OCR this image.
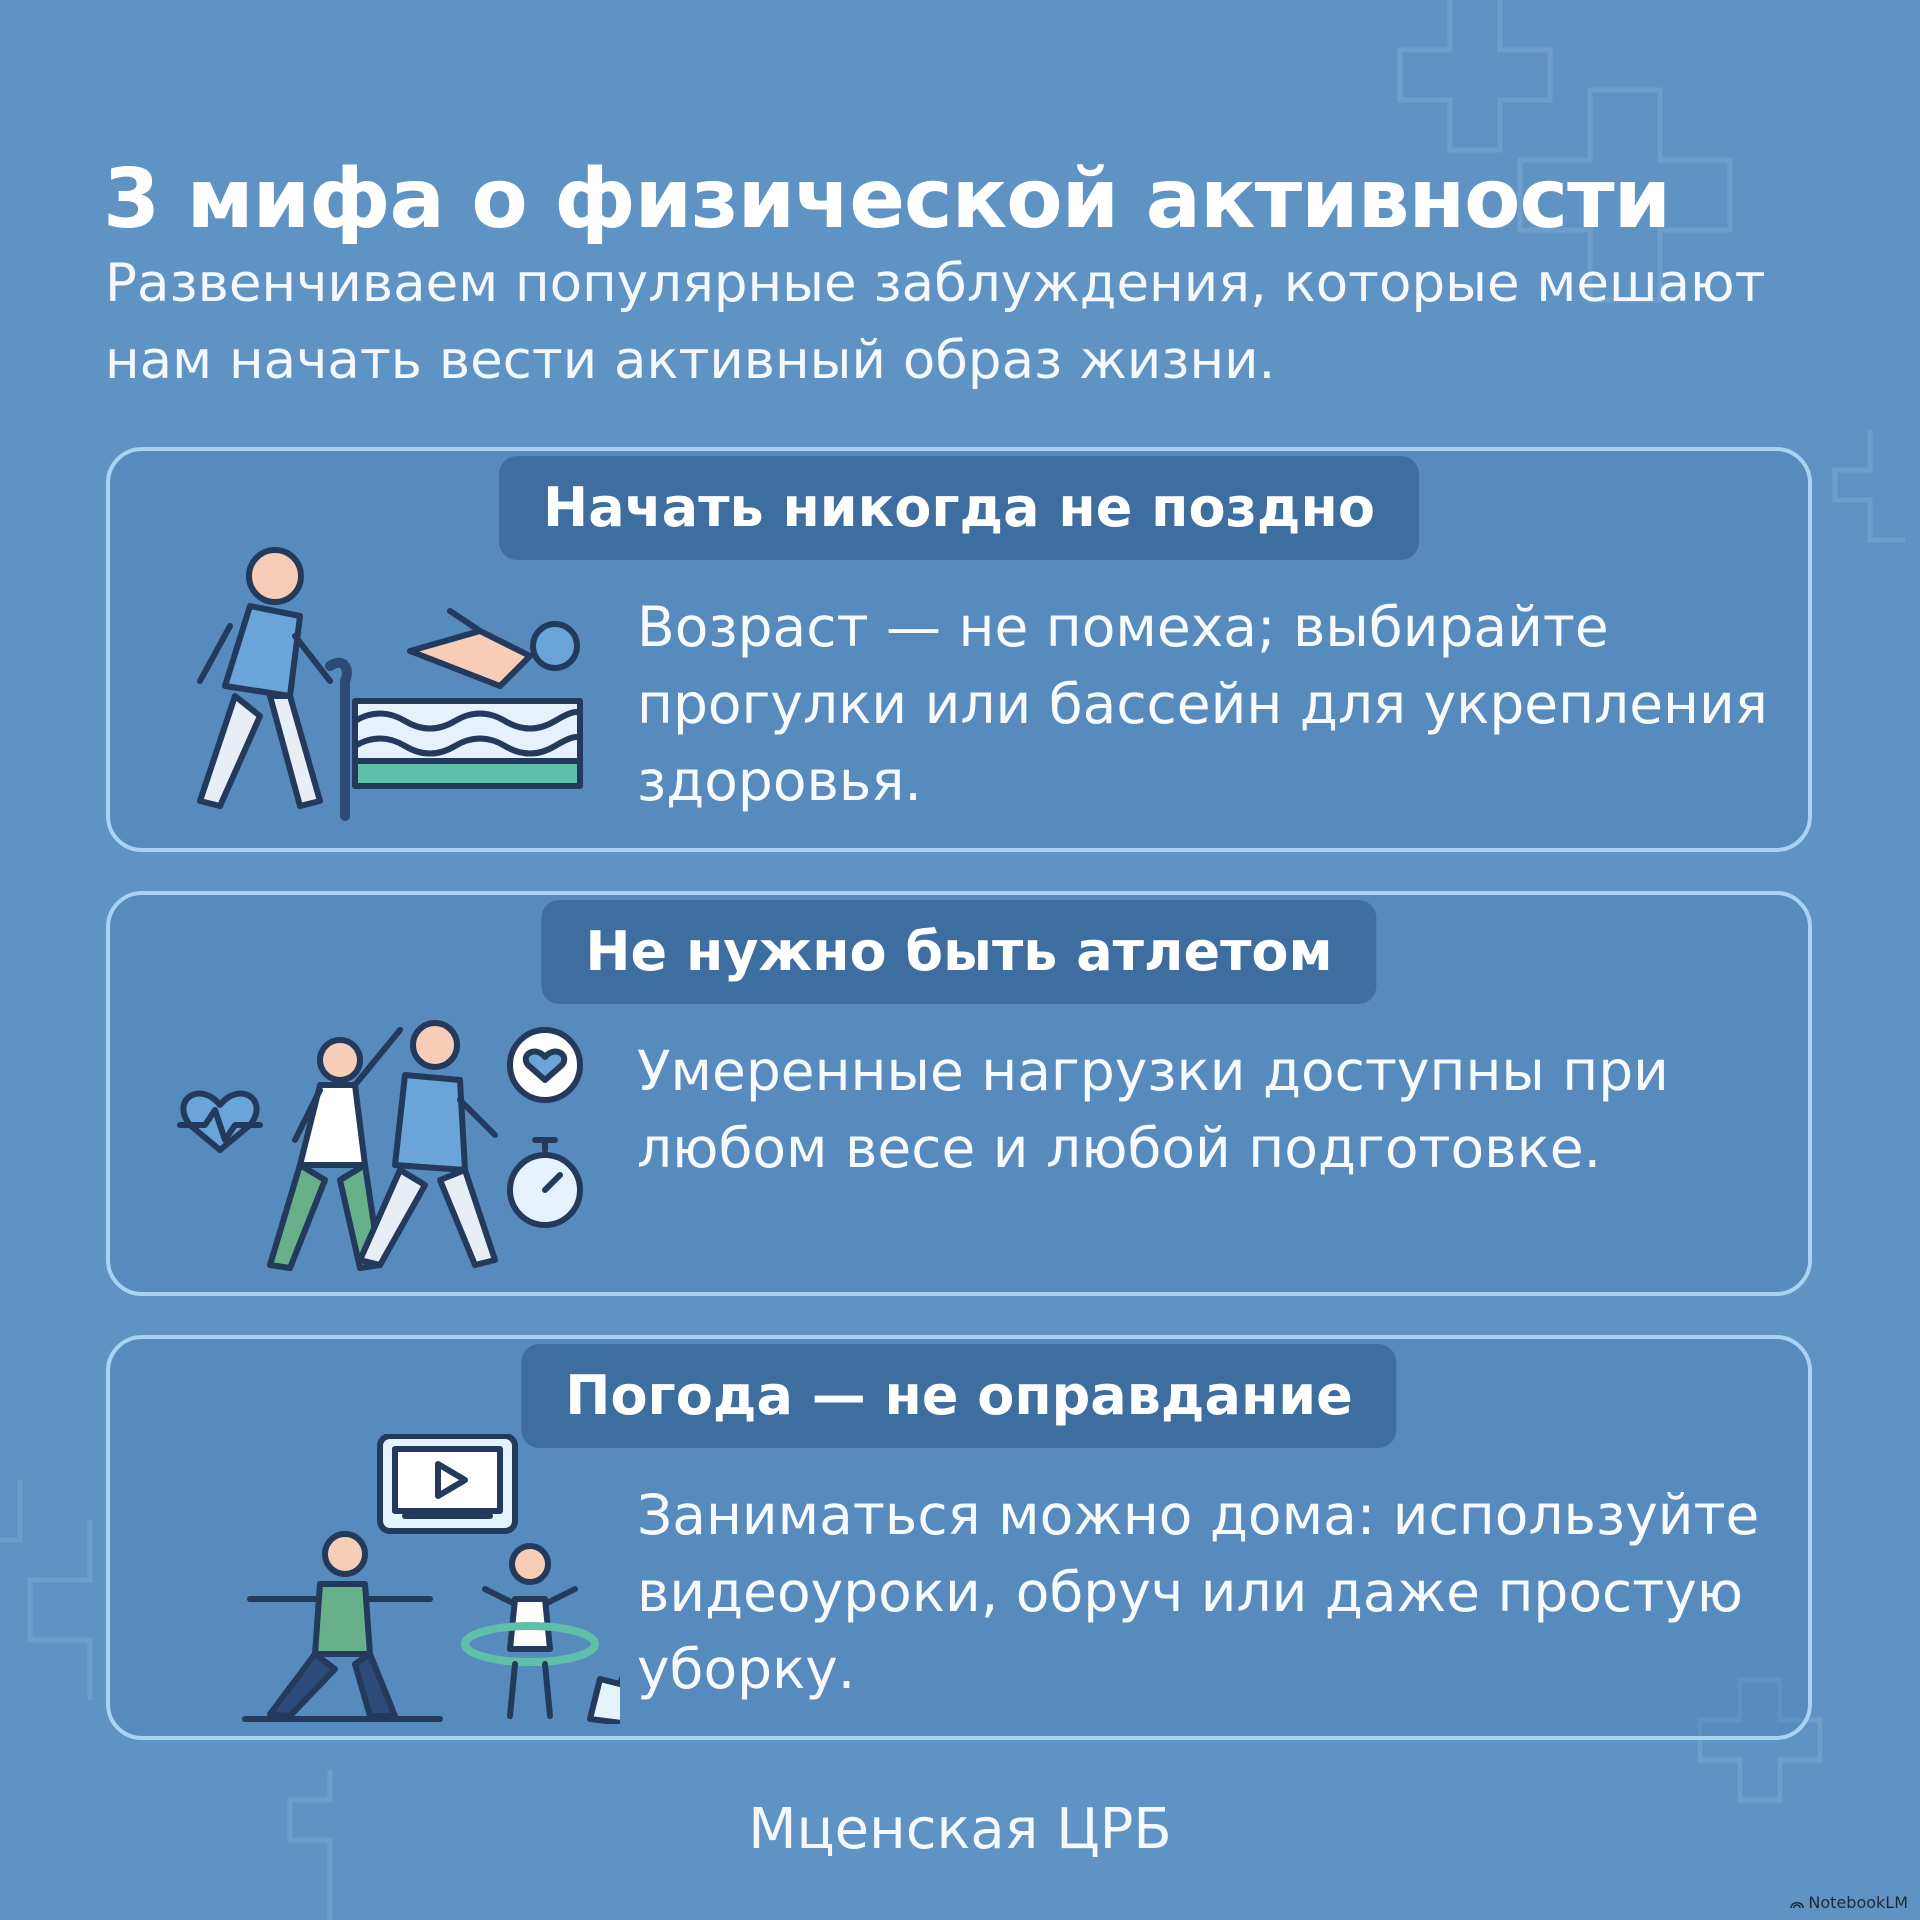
3 мифа о физической активности
Развенчиваем популярные заблуждения, которые мешают нам начать вести активный образ жизни.
Начать никогда не поздно
Возраст — не помеха; выбирайте прогулки или бассейн для укрепления здоровья.
Не нужно быть атлетом
Умеренные нагрузки доступны при любом весе и любой подготовке.
Погода — не оправдание
Заниматься можно дома: используйте видеоуроки, обруч или даже простую уборку.
Мценская ЦРБ
NotebookLM
